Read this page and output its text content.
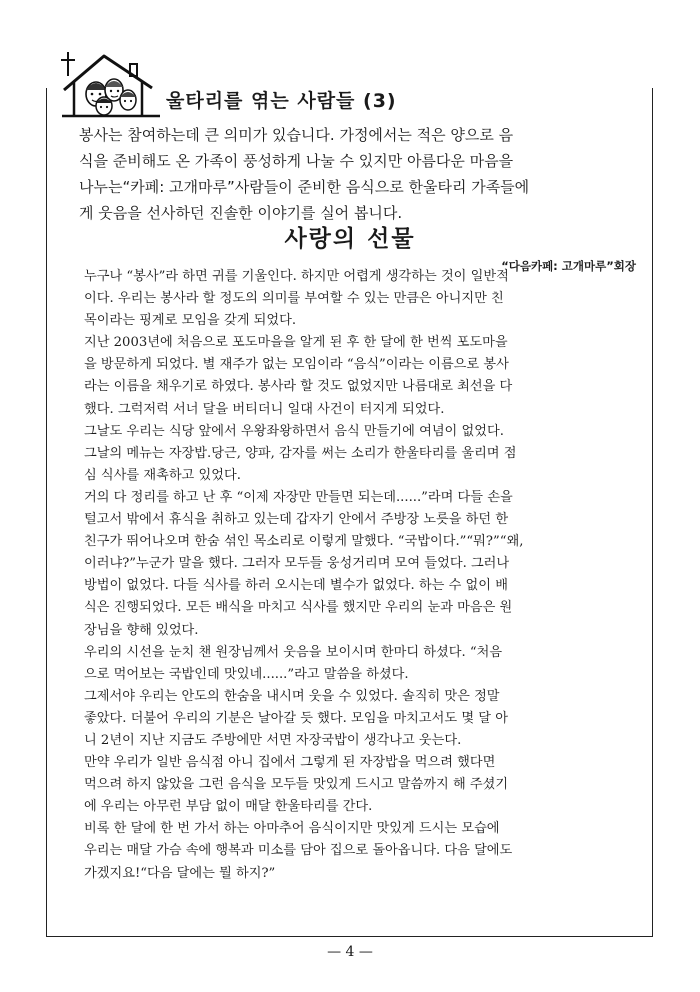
울타리를 엮는 사람들 (3)
봉사는 참여하는데 큰 의미가 있습니다. 가정에서는 적은 양으로 음
식을 준비해도 온 가족이 풍성하게 나눌 수 있지만 아름다운 마음을
나누는“카페: 고개마루”사람들이 준비한 음식으로 한울타리 가족들에
게 웃음을 선사하던 진솔한 이야기를 실어 봅니다.
사랑의 선물
“다음카페: 고개마루”회장
누구나 “봉사”라 하면 귀를 기울인다. 하지만 어렵게 생각하는 것이 일반적
이다. 우리는 봉사라 할 정도의 의미를 부여할 수 있는 만큼은 아니지만 친
목이라는 핑계로 모임을 갖게 되었다.
지난 2003년에 처음으로 포도마을을 알게 된 후 한 달에 한 번씩 포도마을
을 방문하게 되었다. 별 재주가 없는 모임이라 “음식”이라는 이름으로 봉사
라는 이름을 채우기로 하였다. 봉사라 할 것도 없었지만 나름대로 최선을 다
했다. 그럭저럭 서너 달을 버티더니 일대 사건이 터지게 되었다.
그날도 우리는 식당 앞에서 우왕좌왕하면서 음식 만들기에 여념이 없었다.
그날의 메뉴는 자장밥.당근, 양파, 감자를 써는 소리가 한울타리를 울리며 점
심 식사를 재촉하고 있었다.
거의 다 정리를 하고 난 후 “이제 자장만 만들면 되는데......”라며 다들 손을
털고서 밖에서 휴식을 취하고 있는데 갑자기 안에서 주방장 노릇을 하던 한
친구가 뛰어나오며 한숨 섞인 목소리로 이렇게 말했다. “국밥이다.”“뭐?”“왜,
이러냐?”누군가 말을 했다. 그러자 모두들 웅성거리며 모여 들었다. 그러나
방법이 없었다. 다들 식사를 하러 오시는데 별수가 없었다. 하는 수 없이 배
식은 진행되었다. 모든 배식을 마치고 식사를 했지만 우리의 눈과 마음은 원
장님을 향해 있었다.
우리의 시선을 눈치 챈 원장님께서 웃음을 보이시며 한마디 하셨다. “처음
으로 먹어보는 국밥인데 맛있네......”라고 말씀을 하셨다.
그제서야 우리는 안도의 한숨을 내시며 웃을 수 있었다. 솔직히 맛은 정말
좋았다. 더불어 우리의 기분은 날아갈 듯 했다. 모임을 마치고서도 몇 달 아
니 2년이 지난 지금도 주방에만 서면 자장국밥이 생각나고 웃는다.
만약 우리가 일반 음식점 아니 집에서 그렇게 된 자장밥을 먹으려 했다면
먹으려 하지 않았을 그런 음식을 모두들 맛있게 드시고 말씀까지 해 주셨기
에 우리는 아무런 부담 없이 매달 한울타리를 간다.
비록 한 달에 한 번 가서 하는 아마추어 음식이지만 맛있게 드시는 모습에
우리는 매달 가슴 속에 행복과 미소를 담아 집으로 돌아옵니다. 다음 달에도
가겠지요!“다음 달에는 뭘 하지?”
— 4 —
